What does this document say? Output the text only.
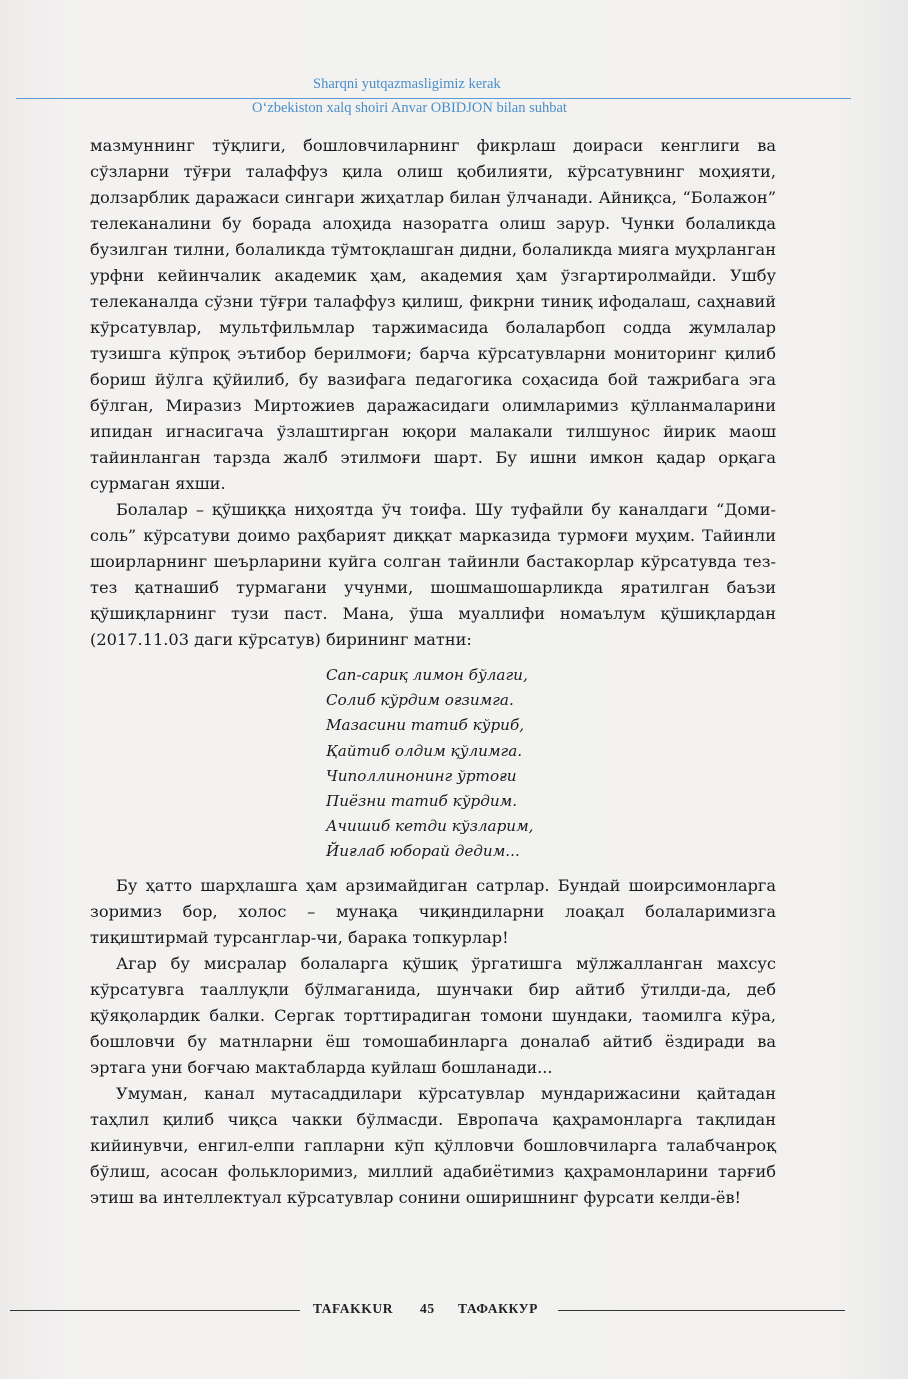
Sharqni yutqazmasligimiz kerak
O‘zbekiston xalq shoiri Anvar OBIDJON bilan suhbat

мазмуннинг тўқлиги, бошловчиларнинг фикрлаш доираси кенглиги ва сўзларни тўғри талаффуз қила олиш қобилияти, кўрсатувнинг моҳияти, долзарблик даражаси сингари жиҳатлар билан ўлчанади. Айниқса, “Болажон” телеканалини бу борада алоҳида назоратга олиш зарур. Чунки болаликда бузилган тилни, болаликда тўмтоқлашган дидни, болаликда мияга муҳрланган урфни кейинчалик академик ҳам, академия ҳам ўзгартиролмайди. Ушбу телеканалда сўзни тўғри талаффуз қилиш, фикрни тиниқ ифодалаш, саҳнавий кўрсатувлар, мультфильмлар таржимасида болаларбоп содда жумлалар тузишга кўпроқ эътибор берилмоғи; барча кўрсатувларни мониторинг қилиб бориш йўлга қўйилиб, бу вазифага педагогика соҳасида бой тажрибага эга бўлган, Миразиз Миртожиев даражасидаги олимларимиз қўлланмаларини ипидан игнасигача ўзлаштирган юқори малакали тилшунос йирик маош тайинланган тарзда жалб этилмоғи шарт. Бу ишни имкон қадар орқага сурмаган яхши.

Болалар – қўшиққа ниҳоятда ўч тоифа. Шу туфайли бу каналдаги “Доми-соль” кўрсатуви доимо раҳбарият диққат марказида турмоғи муҳим. Тайинли шоирларнинг шеърларини куйга солган тайинли бастакорлар кўрсатувда тез-тез қатнашиб турмагани учунми, шошмашошарликда яратилган баъзи қўшиқларнинг тузи паст. Мана, ўша муаллифи номаълум қўшиқлардан (2017.11.03 даги кўрсатув) бирининг матни:

Сап-сариқ лимон бўлаги,
Солиб кўрдим оғзимга.
Мазасини татиб кўриб,
Қайтиб олдим қўлимга.
Чиполлинонинг ўртоғи
Пиёзни татиб кўрдим.
Ачишиб кетди кўзларим,
Йиғлаб юборай дедим...

Бу ҳатто шарҳлашга ҳам арзимайдиган сатрлар. Бундай шоирсимонларга зоримиз бор, холос – мунақа чиқиндиларни лоақал болаларимизга тиқиштирмай турсанглар-чи, барака топкурлар!

Агар бу мисралар болаларга қўшиқ ўргатишга мўлжалланган махсус кўрсатувга таaллуқли бўлмаганида, шунчаки бир айтиб ўтилди-да, деб қўяқолардик балки. Сергак торттирадиган томони шундаки, таомилга кўра, бошловчи бу матнларни ёш томошабинларга доналаб айтиб ёздиради ва эртага уни боғчаю мактабларда куйлаш бошланади...

Умуман, канал мутасаддилари кўрсатувлар мундарижасини қайтадан таҳлил қилиб чиқса чакки бўлмасди. Европача қаҳрамонларга тақлидан кийинувчи, енгил-елпи гапларни кўп қўлловчи бошловчиларга талабчанроқ бўлиш, асосан фольклоримиз, миллий адабиётимиз қаҳрамонларини тарғиб этиш ва интеллектуал кўрсатувлар сонини оширишнинг фурсати келди-ёв!

TAFAKKUR 45 ТАФАККУР
